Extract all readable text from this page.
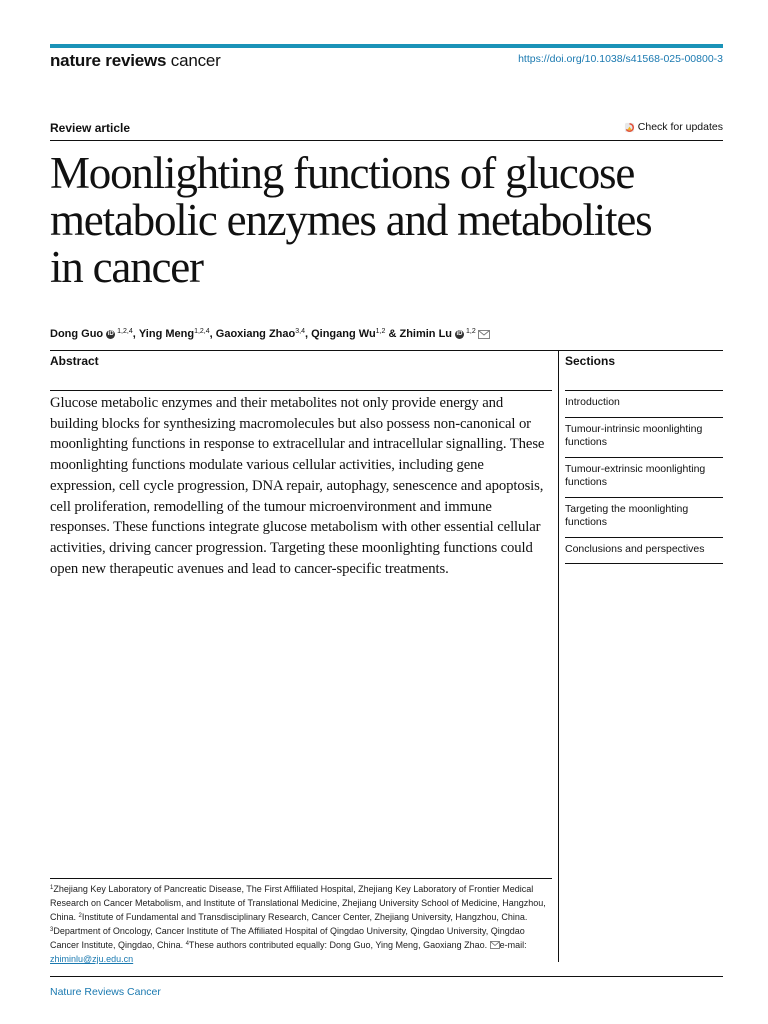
nature reviews cancer	https://doi.org/10.1038/s41568-025-00800-3
Review article	Check for updates
Moonlighting functions of glucose metabolic enzymes and metabolites in cancer
Dong Guo iD $^{1,2,4}$ , Ying Meng$^{1,2,4}$ , Gaoxiang Zhao$^{3,4}$ , Qingang Wu$^{1,2}$ & Zhimin Lu iD $^{1,2}$
Abstract

Glucose metabolic enzymes and their metabolites not only provide energy and building blocks for synthesizing macromolecules but also possess non-canonical or moonlighting functions in response to extracellular and intracellular signalling. These moonlighting functions modulate various cellular activities, including gene expression, cell cycle progression, DNA repair, autophagy, senescence and apoptosis, cell proliferation, remodelling of the tumour microenvironment and immune responses. These functions integrate glucose metabolism with other essential cellular activities, driving cancer progression. Targeting these moonlighting functions could open new therapeutic avenues and lead to cancer-specific treatments.

Sections
Introduction
Tumour-intrinsic moonlighting functions
Tumour-extrinsic moonlighting functions
Targeting the moonlighting functions
Conclusions and perspectives
$^1$Zhejiang Key Laboratory of Pancreatic Disease, The First Affiliated Hospital, Zhejiang Key Laboratory of Frontier Medical Research on Cancer Metabolism, and Institute of Translational Medicine, Zhejiang University School of Medicine, Hangzhou, China. $^2$Institute of Fundamental and Transdisciplinary Research, Cancer Center, Zhejiang University, Hangzhou, China. $^3$Department of Oncology, Cancer Institute of The Affiliated Hospital of Qingdao University, Qingdao University, Qingdao Cancer Institute, Qingdao, China. $^4$These authors contributed equally: Dong Guo, Ying Meng, Gaoxiang Zhao. e-mail: zhiminlu@zju.edu.cn
Nature Reviews Cancer
